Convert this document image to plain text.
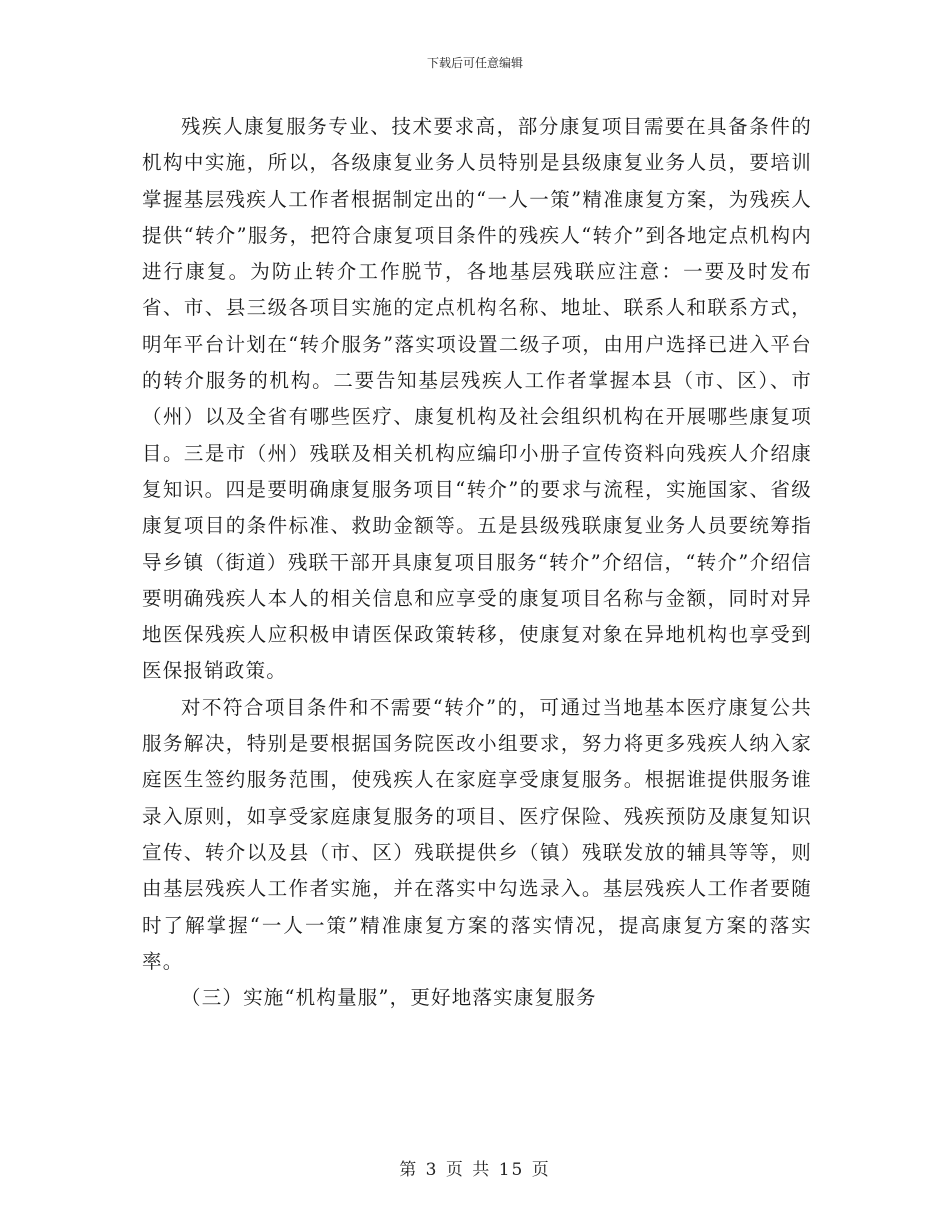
下载后可任意编辑

残疾人康复服务专业、技术要求高，部分康复项目需要在具备条件的机构中实施，所以，各级康复业务人员特别是县级康复业务人员，要培训掌握基层残疾人工作者根据制定出的“一人一策”精准康复方案，为残疾人提供“转介”服务，把符合康复项目条件的残疾人“转介”到各地定点机构内进行康复。为防止转介工作脱节，各地基层残联应注意：一要及时发布省、市、县三级各项目实施的定点机构名称、地址、联系人和联系方式，明年平台计划在“转介服务”落实项设置二级子项，由用户选择已进入平台的转介服务的机构。二要告知基层残疾人工作者掌握本县（市、区）、市（州）以及全省有哪些医疗、康复机构及社会组织机构在开展哪些康复项目。三是市（州）残联及相关机构应编印小册子宣传资料向残疾人介绍康复知识。四是要明确康复服务项目“转介”的要求与流程，实施国家、省级康复项目的条件标准、救助金额等。五是县级残联康复业务人员要统筹指导乡镇（街道）残联干部开具康复项目服务“转介”介绍信，“转介”介绍信要明确残疾人本人的相关信息和应享受的康复项目名称与金额，同时对异地医保残疾人应积极申请医保政策转移，使康复对象在异地机构也享受到医保报销政策。

对不符合项目条件和不需要“转介”的，可通过当地基本医疗康复公共服务解决，特别是要根据国务院医改小组要求，努力将更多残疾人纳入家庭医生签约服务范围，使残疾人在家庭享受康复服务。根据谁提供服务谁录入原则，如享受家庭康复服务的项目、医疗保险、残疾预防及康复知识宣传、转介以及县（市、区）残联提供乡（镇）残联发放的辅具等等，则由基层残疾人工作者实施，并在落实中勾选录入。基层残疾人工作者要随时了解掌握“一人一策”精准康复方案的落实情况，提高康复方案的落实率。

（三）实施“机构量服”，更好地落实康复服务

第 3 页 共 15 页
